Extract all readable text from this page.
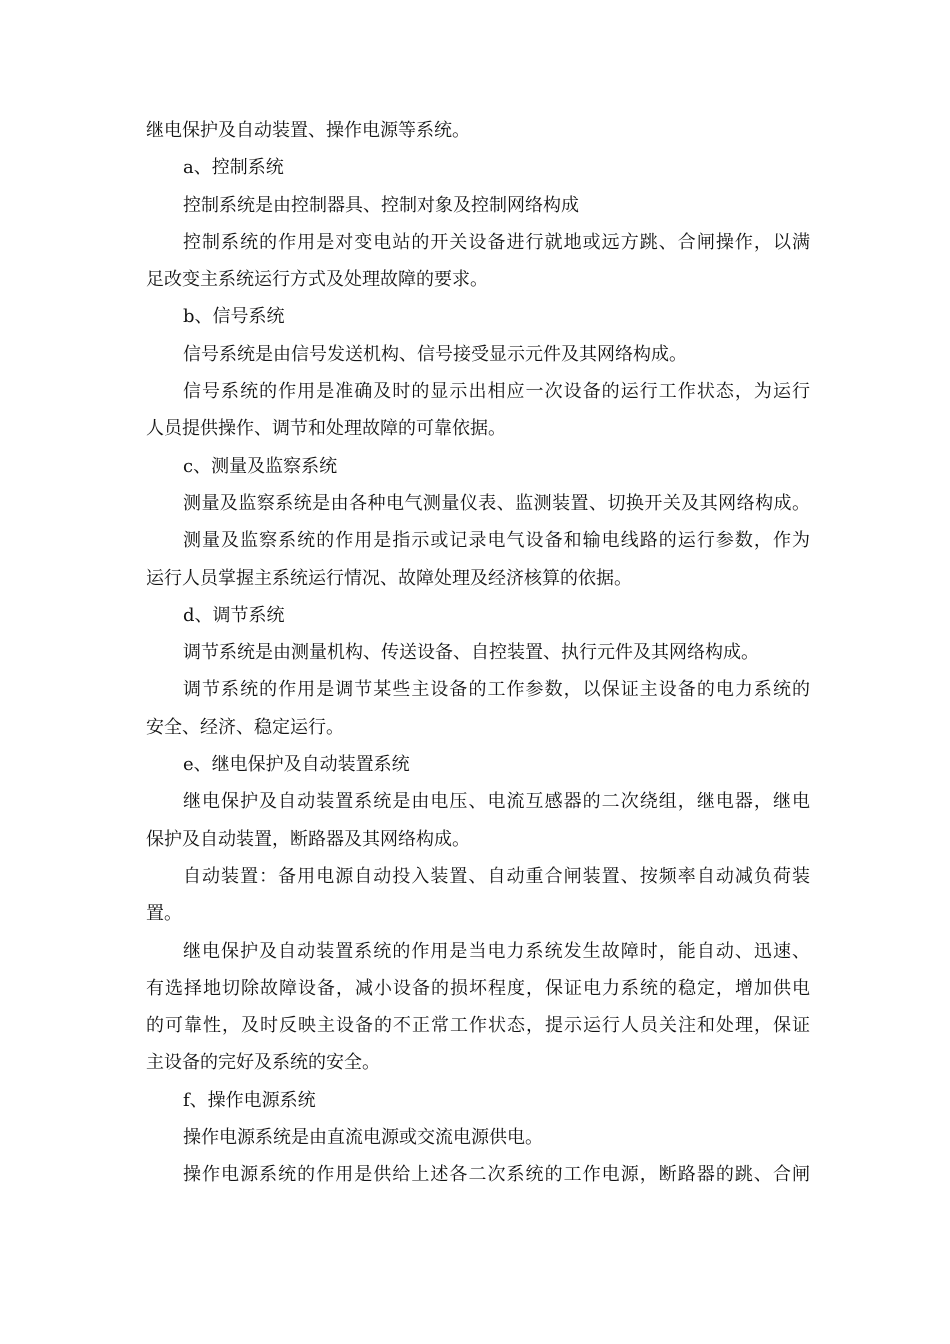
继电保护及自动装置、操作电源等系统。

a、控制系统

控制系统是由控制器具、控制对象及控制网络构成

控制系统的作用是对变电站的开关设备进行就地或远方跳、合闸操作，以满

足改变主系统运行方式及处理故障的要求。

b、信号系统

信号系统是由信号发送机构、信号接受显示元件及其网络构成。

信号系统的作用是准确及时的显示出相应一次设备的运行工作状态，为运行

人员提供操作、调节和处理故障的可靠依据。

c、测量及监察系统

测量及监察系统是由各种电气测量仪表、监测装置、切换开关及其网络构成。

测量及监察系统的作用是指示或记录电气设备和输电线路的运行参数，作为

运行人员掌握主系统运行情况、故障处理及经济核算的依据。

d、调节系统

调节系统是由测量机构、传送设备、自控装置、执行元件及其网络构成。

调节系统的作用是调节某些主设备的工作参数，以保证主设备的电力系统的

安全、经济、稳定运行。

e、继电保护及自动装置系统

继电保护及自动装置系统是由电压、电流互感器的二次绕组，继电器，继电

保护及自动装置，断路器及其网络构成。

自动装置：备用电源自动投入装置、自动重合闸装置、按频率自动减负荷装

置。

继电保护及自动装置系统的作用是当电力系统发生故障时，能自动、迅速、

有选择地切除故障设备，减小设备的损坏程度，保证电力系统的稳定，增加供电

的可靠性，及时反映主设备的不正常工作状态，提示运行人员关注和处理，保证

主设备的完好及系统的安全。

f、操作电源系统

操作电源系统是由直流电源或交流电源供电。

操作电源系统的作用是供给上述各二次系统的工作电源，断路器的跳、合闸
